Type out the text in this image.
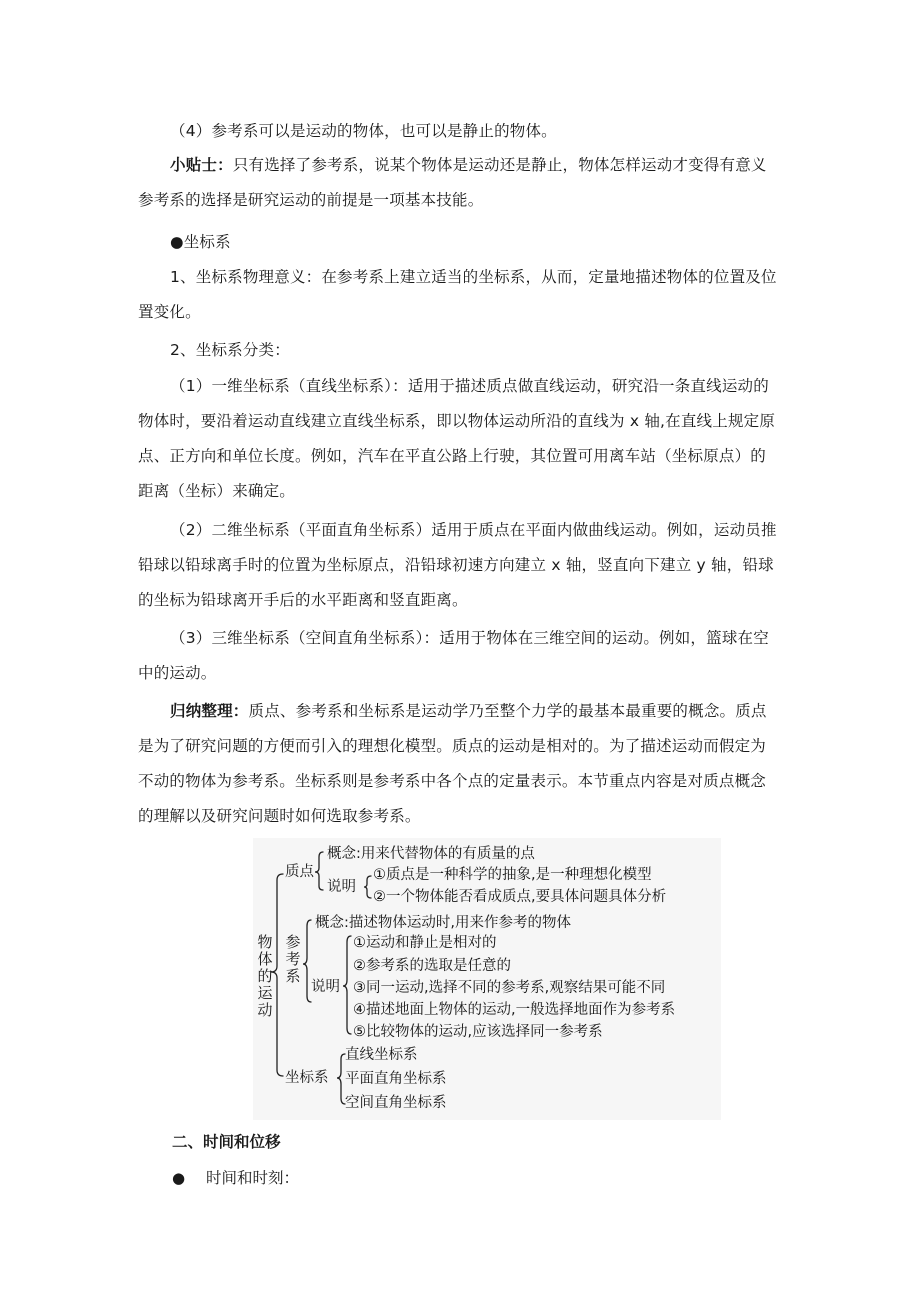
（4）参考系可以是运动的物体，也可以是静止的物体。

小贴士：只有选择了参考系，说某个物体是运动还是静止，物体怎样运动才变得有意义参考系的选择是研究运动的前提是一项基本技能。

●坐标系

1、坐标系物理意义：在参考系上建立适当的坐标系，从而，定量地描述物体的位置及位置变化。

2、坐标系分类：

（1）一维坐标系（直线坐标系）：适用于描述质点做直线运动，研究沿一条直线运动的物体时，要沿着运动直线建立直线坐标系，即以物体运动所沿的直线为 x 轴,在直线上规定原点、正方向和单位长度。例如，汽车在平直公路上行驶，其位置可用离车站（坐标原点）的距离（坐标）来确定。

（2）二维坐标系（平面直角坐标系）适用于质点在平面内做曲线运动。例如，运动员推铅球以铅球离手时的位置为坐标原点，沿铅球初速方向建立 x 轴，竖直向下建立 y 轴，铅球的坐标为铅球离开手后的水平距离和竖直距离。

（3）三维坐标系（空间直角坐标系）：适用于物体在三维空间的运动。例如，篮球在空中的运动。

归纳整理：质点、参考系和坐标系是运动学乃至整个力学的最基本最重要的概念。质点是为了研究问题的方便而引入的理想化模型。质点的运动是相对的。为了描述运动而假定为不动的物体为参考系。坐标系则是参考系中各个点的定量表示。本节重点内容是对质点概念的理解以及研究问题时如何选取参考系。

物体的运动
质点
概念:用来代替物体的有质量的点
说明
①质点是一种科学的抽象,是一种理想化模型
②一个物体能否看成质点,要具体问题具体分析
参考系
概念:描述物体运动时,用来作参考的物体
说明
①运动和静止是相对的
②参考系的选取是任意的
③同一运动,选择不同的参考系,观察结果可能不同
④描述地面上物体的运动,一般选择地面作为参考系
⑤比较物体的运动,应该选择同一参考系
坐标系
直线坐标系
平面直角坐标系
空间直角坐标系

二、时间和位移

● 时间和时刻：
